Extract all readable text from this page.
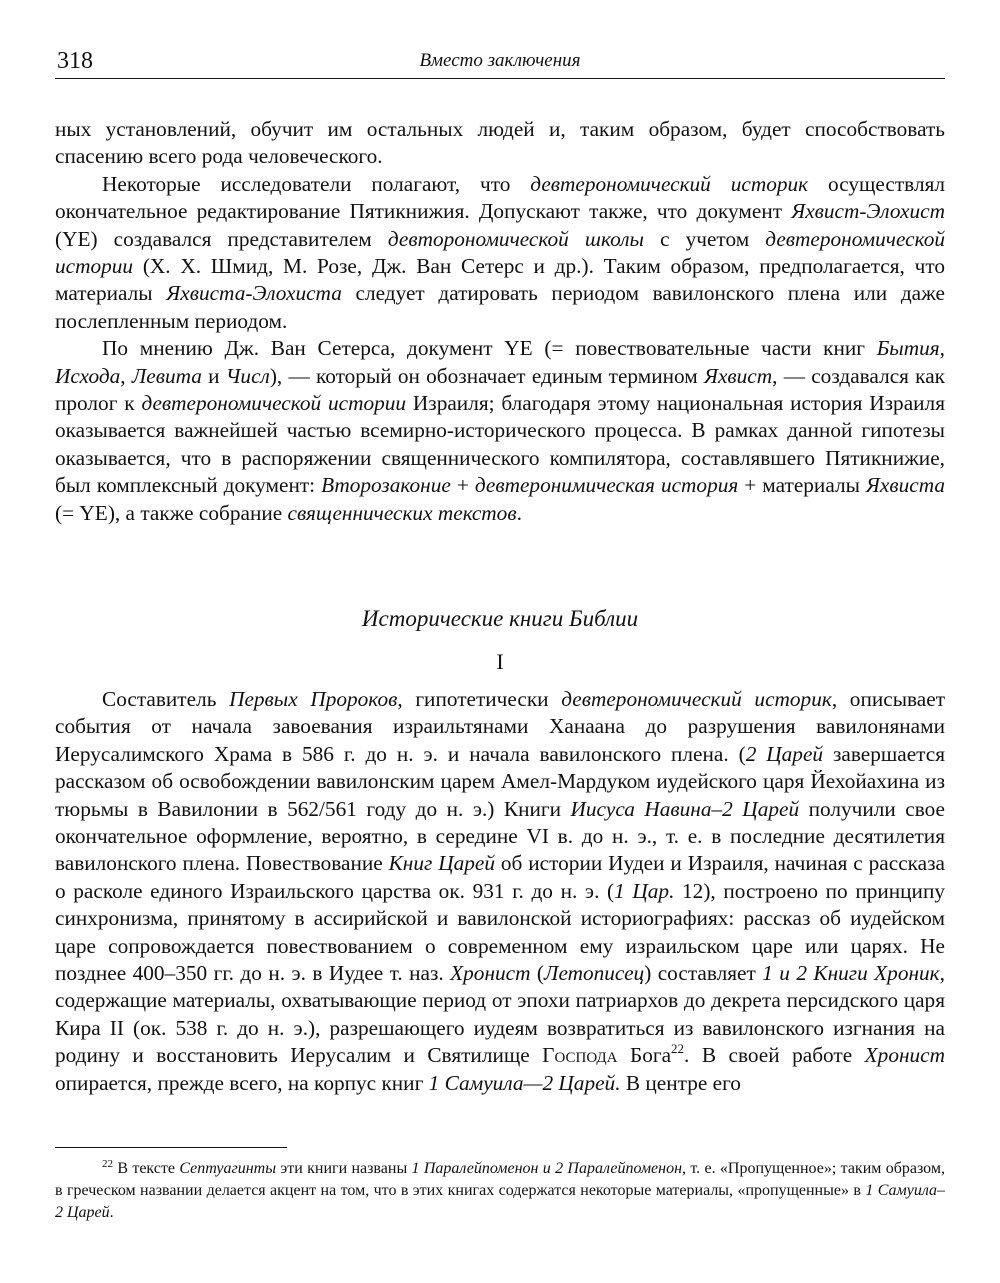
318	Вместо заключения

ных установлений, обучит им остальных людей и, таким образом, будет способствовать спасению всего рода человеческого.

Некоторые исследователи полагают, что девтерономический историк осуществлял окончательное редактирование Пятикнижия. Допускают также, что документ Яхвист-Элохист (YE) создавался представителем девторономической школы с учетом девтерономической истории (Х. Х. Шмид, М. Розе, Дж. Ван Сетерс и др.). Таким образом, предполагается, что материалы Яхвиста-Элохиста следует датировать периодом вавилонского плена или даже послепленным периодом.

По мнению Дж. Ван Сетерса, документ YE (= повествовательные части книг Бытия, Исхода, Левита и Числ), — который он обозначает единым термином Яхвист, — создавался как пролог к девтерономической истории Израиля; благодаря этому национальная история Израиля оказывается важнейшей частью всемирно-исторического процесса. В рамках данной гипотезы оказывается, что в распоряжении священнического компилятора, составлявшего Пятикнижие, был комплексный документ: Второзаконие + девтеронимическая история + материалы Яхвиста (= YE), а также собрание священнических текстов.

Исторические книги Библии
I

Составитель Первых Пророков, гипотетически девтерономический историк, описывает события от начала завоевания израильтянами Ханаана до разрушения вавилонянами Иерусалимского Храма в 586 г. до н. э. и начала вавилонского плена. (2 Царей завершается рассказом об освобождении вавилонским царем Амел-Мардуком иудейского царя Йехойахина из тюрьмы в Вавилонии в 562/561 году до н. э.) Книги Иисуса Навина–2 Царей получили свое окончательное оформление, вероятно, в середине VI в. до н. э., т. е. в последние десятилетия вавилонского плена. Повествование Книг Царей об истории Иудеи и Израиля, начиная с рассказа о расколе единого Израильского царства ок. 931 г. до н. э. (1 Цар. 12), построено по принципу синхронизма, принятому в ассирийской и вавилонской историографиях: рассказ об иудейском царе сопровождается повествованием о современном ему израильском царе или царях. Не позднее 400–350 гг. до н. э. в Иудее т. наз. Хронист (Летописец) составляет 1 и 2 Книги Хроник, содержащие материалы, охватывающие период от эпохи патриархов до декрета персидского царя Кира II (ок. 538 г. до н. э.), разрешающего иудеям возвратиться из вавилонского изгнания на родину и восстановить Иерусалим и Святилище Господа Бога$^{22}$. В своей работе Хронист опирается, прежде всего, на корпус книг 1 Самуила—2 Царей. В центре его

$^{22}$ В тексте Септуагинты эти книги названы 1 Паралейпоменон и 2 Паралейпоменон, т. е. «Пропущенное»; таким образом, в греческом названии делается акцент на том, что в этих книгах содержатся некоторые материалы, «пропущенные» в 1 Самуила–2 Царей.
